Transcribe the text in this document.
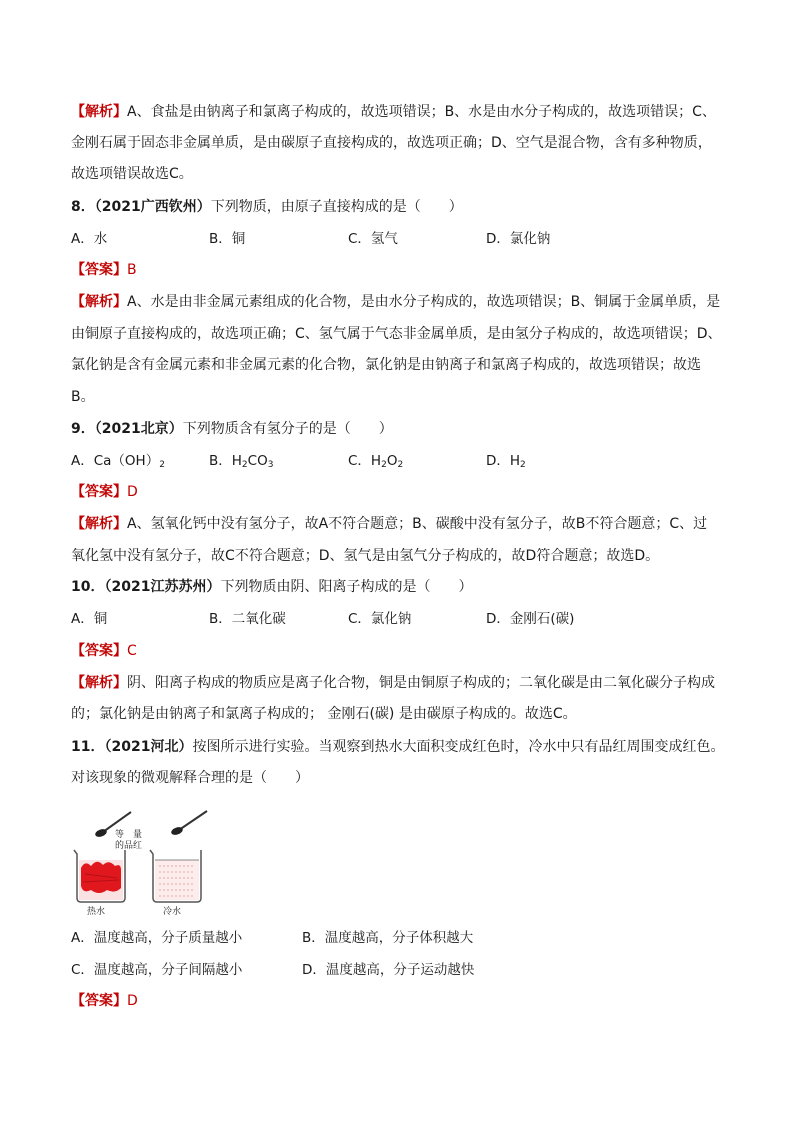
【解析】A、食盐是由钠离子和氯离子构成的，故选项错误；B、水是由水分子构成的，故选项错误；C、
金刚石属于固态非金属单质，是由碳原子直接构成的，故选项正确；D、空气是混合物，含有多种物质，
故选项错误故选C。
8．（2021广西钦州）下列物质，由原子直接构成的是（　　）
A．水	B．铜	C．氢气	D．氯化钠
【答案】B
【解析】A、水是由非金属元素组成的化合物，是由水分子构成的，故选项错误；B、铜属于金属单质，是
由铜原子直接构成的，故选项正确；C、氢气属于气态非金属单质，是由氢分子构成的，故选项错误；D、
氯化钠是含有金属元素和非金属元素的化合物，氯化钠是由钠离子和氯离子构成的，故选项错误；故选
B。
9．（2021北京）下列物质含有氢分子的是（　　）
A．$Ca(OH)_2$	B．$H_2CO_3$	C．$H_2O_2$	D．$H_2$
【答案】D
【解析】A、氢氧化钙中没有氢分子，故A不符合题意；B、碳酸中没有氢分子，故B不符合题意；C、过
氧化氢中没有氢分子，故C不符合题意；D、氢气是由氢气分子构成的，故D符合题意；故选D。
10．（2021江苏苏州）下列物质由阴、阳离子构成的是（　　）
A．铜	B．二氧化碳	C．氯化钠	D．金刚石(碳)
【答案】C
【解析】阴、阳离子构成的物质应是离子化合物，铜是由铜原子构成的；二氧化碳是由二氧化碳分子构成
的；氯化钠是由钠离子和氯离子构成的； 金刚石(碳) 是由碳原子构成的。故选C。
11．（2021河北）按图所示进行实验。当观察到热水大面积变成红色时，冷水中只有品红周围变成红色。
对该现象的微观解释合理的是（　　）
等　量
的品红
热水	冷水
A．温度越高，分子质量越小	B．温度越高，分子体积越大
C．温度越高，分子间隔越小	D．温度越高，分子运动越快
【答案】D
